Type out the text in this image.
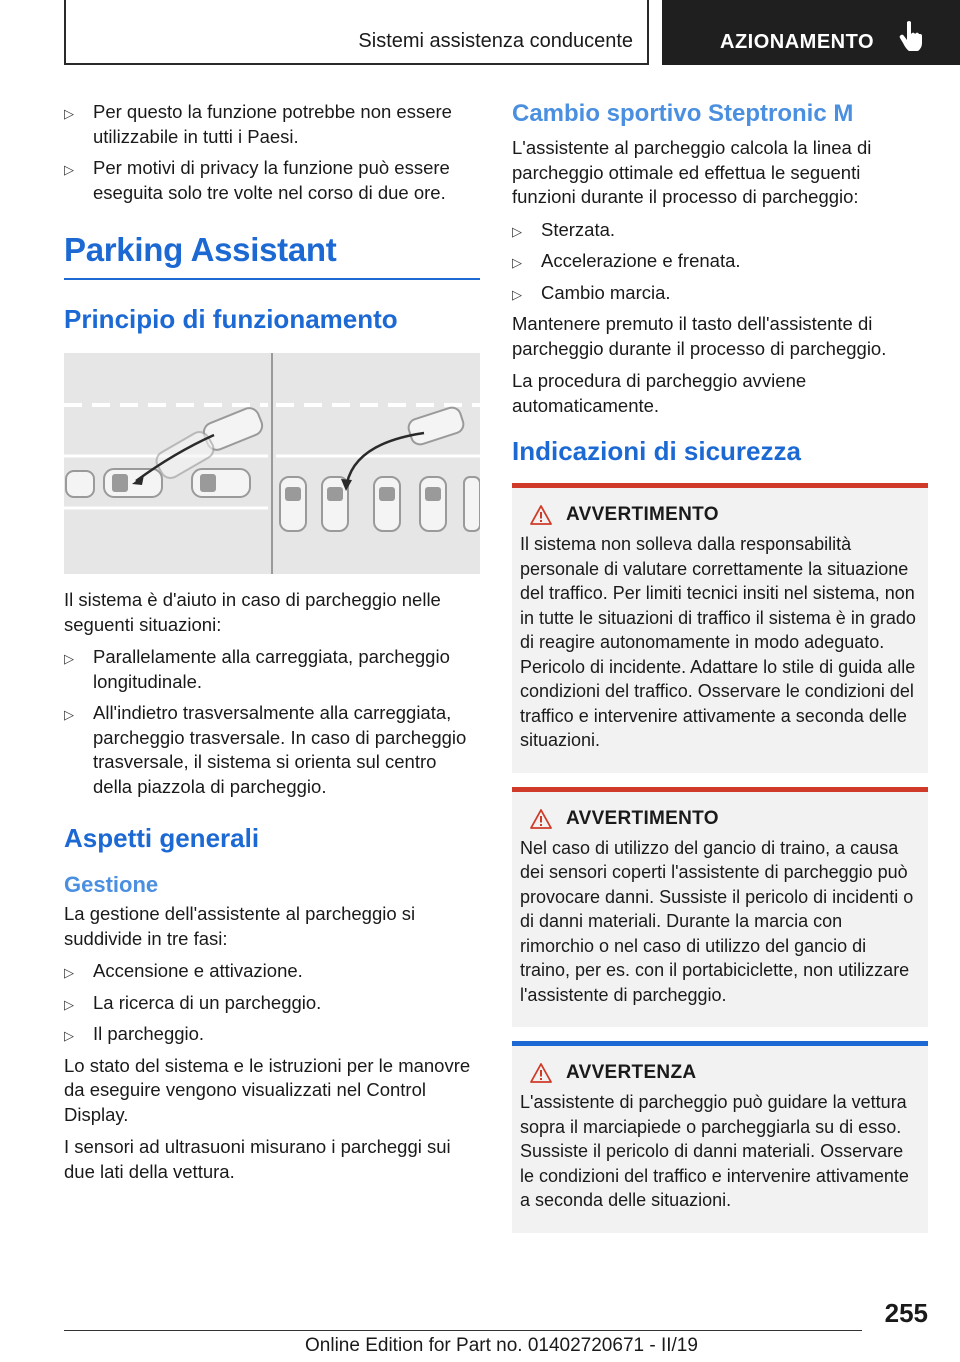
Sistemi assistenza conducente	AZIONAMENTO
▷ Per questo la funzione potrebbe non essere utilizzabile in tutti i Paesi.
▷ Per motivi di privacy la funzione può essere eseguita solo tre volte nel corso di due ore.
Parking Assistant
Principio di funzionamento

Il sistema è d'aiuto in caso di parcheggio nelle seguenti situazioni:

▷ Parallelamente alla carreggiata, parcheggio longitudinale.
▷ All'indietro trasversalmente alla carreggiata, parcheggio trasversale. In caso di parcheggio trasversale, il sistema si orienta sul centro della piazzola di parcheggio.
Aspetti generali
Gestione

La gestione dell'assistente al parcheggio si suddivide in tre fasi:

▷ Accensione e attivazione.
▷ La ricerca di un parcheggio.
▷ Il parcheggio.

Lo stato del sistema e le istruzioni per le manovre da eseguire vengono visualizzati nel Control Display.

I sensori ad ultrasuoni misurano i parcheggi sui due lati della vettura.

Cambio sportivo Steptronic M

L'assistente al parcheggio calcola la linea di parcheggio ottimale ed effettua le seguenti funzioni durante il processo di parcheggio:

▷ Sterzata.
▷ Accelerazione e frenata.
▷ Cambio marcia.

Mantenere premuto il tasto dell'assistente di parcheggio durante il processo di parcheggio.

La procedura di parcheggio avviene automaticamente.

Indicazioni di sicurezza
AVVERTIMENTO

Il sistema non solleva dalla responsabilità personale di valutare correttamente la situazione del traffico. Per limiti tecnici insiti nel sistema, non in tutte le situazioni di traffico il sistema è in grado di reagire autonomamente in modo adeguato. Pericolo di incidente. Adattare lo stile di guida alle condizioni del traffico. Osservare le condizioni del traffico e intervenire attivamente a seconda delle situazioni.

AVVERTIMENTO

Nel caso di utilizzo del gancio di traino, a causa dei sensori coperti l'assistente di parcheggio può provocare danni. Sussiste il pericolo di incidenti o di danni materiali. Durante la marcia con rimorchio o nel caso di utilizzo del gancio di traino, per es. con il portabiciclette, non utilizzare l'assistente di parcheggio.

AVVERTENZA

L'assistente di parcheggio può guidare la vettura sopra il marciapiede o parcheggiarla su di esso. Sussiste il pericolo di danni materiali. Osservare le condizioni del traffico e intervenire attivamente a seconda delle situazioni.

255
Online Edition for Part no. 01402720671 - II/19
